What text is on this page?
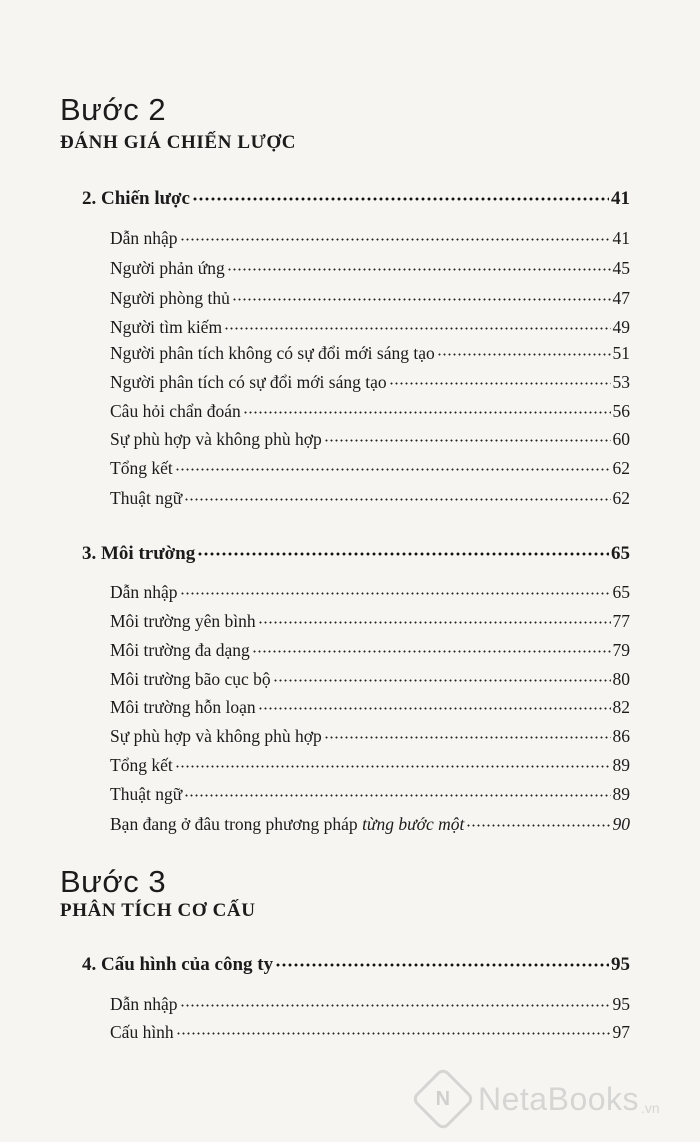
Bước 2
ĐÁNH GIÁ CHIẾN LƯỢC
2. Chiến lược	41
Dẫn nhập	41
Người phản ứng	45
Người phòng thủ	47
Người tìm kiếm	49
Người phân tích không có sự đổi mới sáng tạo	51
Người phân tích có sự đổi mới sáng tạo	53
Câu hỏi chẩn đoán	56
Sự phù hợp và không phù hợp	60
Tổng kết	62
Thuật ngữ	62
3. Môi trường	65
Dẫn nhập	65
Môi trường yên bình	77
Môi trường đa dạng	79
Môi trường bão cục bộ	80
Môi trường hỗn loạn	82
Sự phù hợp và không phù hợp	86
Tổng kết	89
Thuật ngữ	89
Bạn đang ở đâu trong phương pháp từng bước một	90
Bước 3
PHÂN TÍCH CƠ CẤU
4. Cấu hình của công ty	95
Dẫn nhập	95
Cấu hình	97
N NetaBooks .vn
